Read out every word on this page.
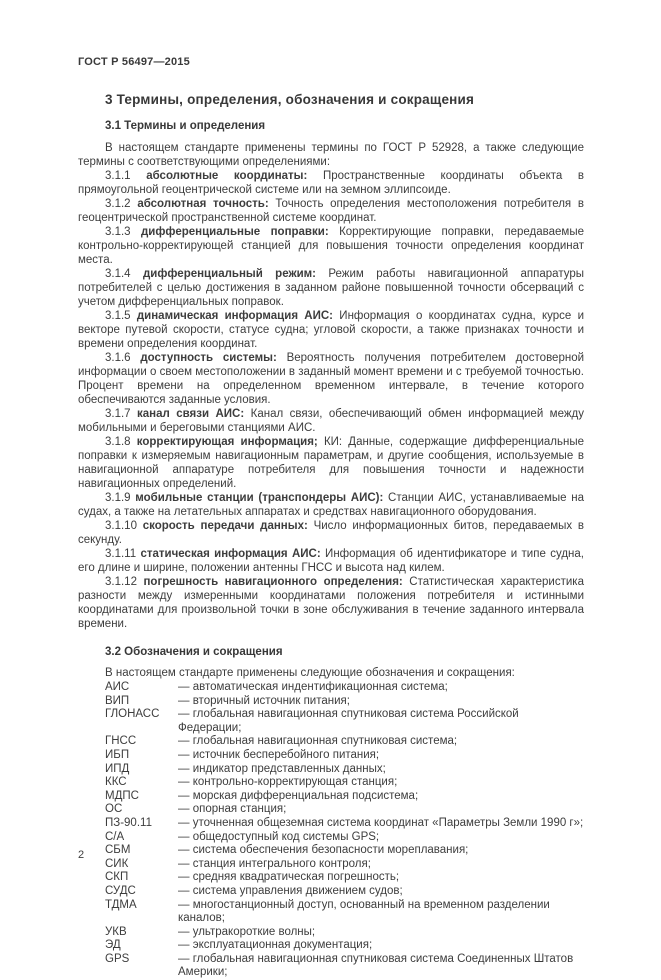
ГОСТ Р 56497—2015
3 Термины, определения, обозначения и сокращения
3.1 Термины и определения

В настоящем стандарте применены термины по ГОСТ Р 52928, а также следующие термины с соответствующими определениями:

3.1.1 абсолютные координаты: Пространственные координаты объекта в прямоугольной геоцентрической системе или на земном эллипсоиде.

3.1.2 абсолютная точность: Точность определения местоположения потребителя в геоцентрической пространственной системе координат.

3.1.3 дифференциальные поправки: Корректирующие поправки, передаваемые контрольно-корректирующей станцией для повышения точности определения координат места.

3.1.4 дифференциальный режим: Режим работы навигационной аппаратуры потребителей с целью достижения в заданном районе повышенной точности обсерваций с учетом дифференциальных поправок.

3.1.5 динамическая информация АИС: Информация о координатах судна, курсе и векторе путевой скорости, статусе судна; угловой скорости, а также признаках точности и времени определения координат.

3.1.6 доступность системы: Вероятность получения потребителем достоверной информации о своем местоположении в заданный момент времени и с требуемой точностью. Процент времени на определенном временном интервале, в течение которого обеспечиваются заданные условия.

3.1.7 канал связи АИС: Канал связи, обеспечивающий обмен информацией между мобильными и береговыми станциями АИС.

3.1.8 корректирующая информация; КИ: Данные, содержащие дифференциальные поправки к измеряемым навигационным параметрам, и другие сообщения, используемые в навигационной аппаратуре потребителя для повышения точности и надежности навигационных определений.

3.1.9 мобильные станции (транспондеры АИС): Станции АИС, устанавливаемые на судах, а также на летательных аппаратах и средствах навигационного оборудования.

3.1.10 скорость передачи данных: Число информационных битов, передаваемых в секунду.

3.1.11 статическая информация АИС: Информация об идентификаторе и типе судна, его длине и ширине, положении антенны ГНСС и высота над килем.

3.1.12 погрешность навигационного определения: Статистическая характеристика разности между измеренными координатами положения потребителя и истинными координатами для произвольной точки в зоне обслуживания в течение заданного интервала времени.

3.2 Обозначения и сокращения

В настоящем стандарте применены следующие обозначения и сокращения:

АИС	— автоматическая индентификационная система;
ВИП	— вторичный источник питания;
ГЛОНАСС	— глобальная навигационная спутниковая система Российской Федерации;
ГНСС	— глобальная навигационная спутниковая система;
ИБП	— источник бесперебойного питания;
ИПД	— индикатор представленных данных;
ККС	— контрольно-корректирующая станция;
МДПС	— морская дифференциальная подсистема;
ОС	— опорная станция;
ПЗ-90.11	— уточненная общеземная система координат «Параметры Земли 1990 г»;
С/А	— общедоступный код системы GPS;
СБМ	— система обеспечения безопасности мореплавания;
СИК	— станция интегрального контроля;
СКП	— средняя квадратическая погрешность;
СУДС	— система управления движением судов;
ТДМА	— многостанционный доступ, основанный на временном разделении каналов;
УКВ	— ультракороткие волны;
ЭД	— эксплуатационная документация;
GPS	— глобальная навигационная спутниковая система Соединенных Штатов Америки;
2
